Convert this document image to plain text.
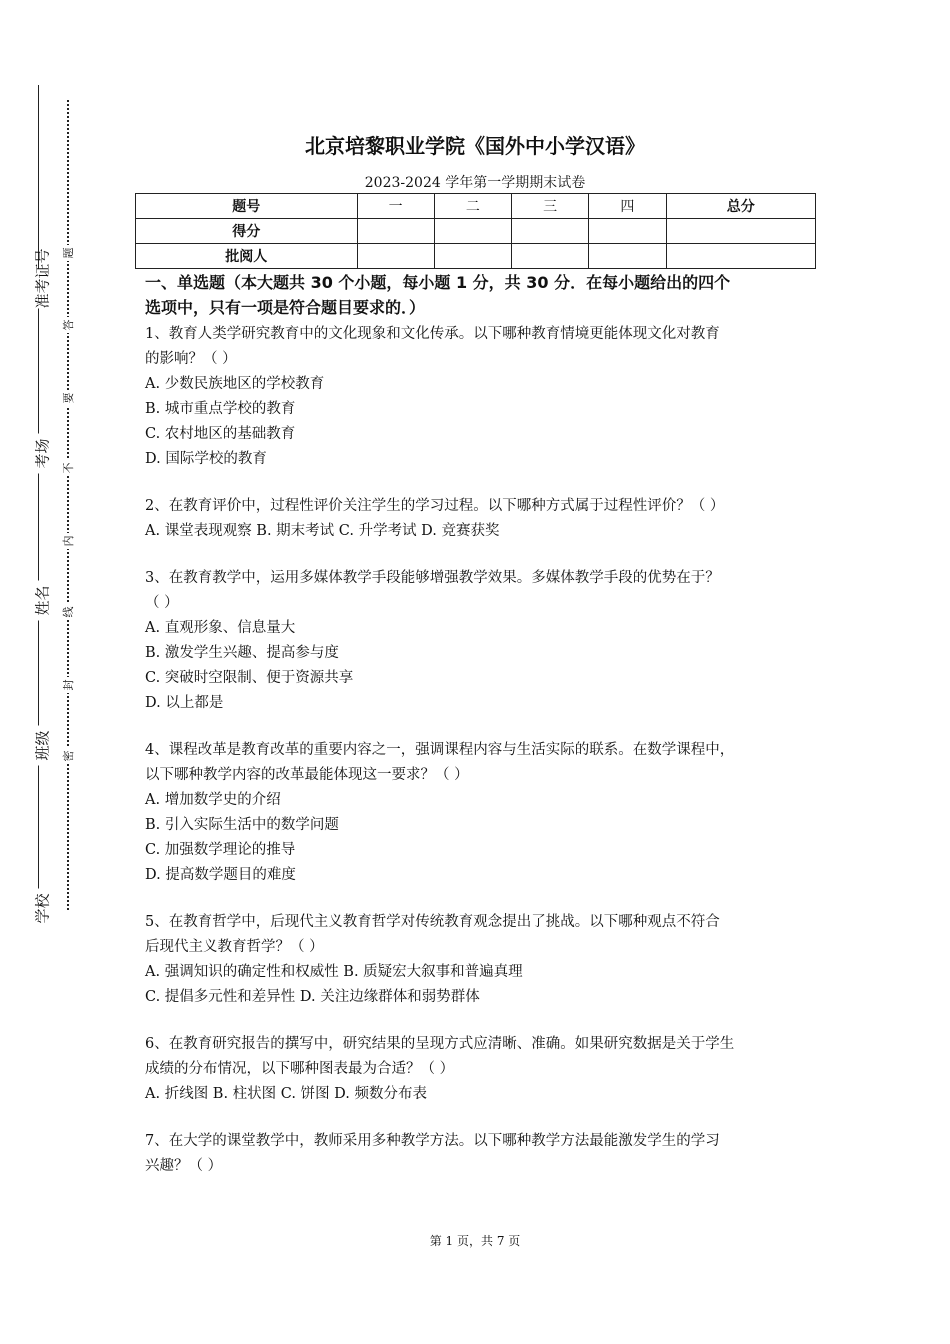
准考证号
考场
姓名
班级
学校
题
答
要
不
内
线
封
密
北京培黎职业学院《国外中小学汉语》
2023-2024 学年第一学期期末试卷
题号	一	二	三	四	总分
得分					
批阅人					
一、单选题（本大题共 30 个小题，每小题 1 分，共 30 分．在每小题给出的四个
选项中，只有一项是符合题目要求的．）

1、教育人类学研究教育中的文化现象和文化传承。以下哪种教育情境更能体现文化对教育

的影响？（ ）

A. 少数民族地区的学校教育

B. 城市重点学校的教育

C. 农村地区的基础教育

D. 国际学校的教育

2、在教育评价中，过程性评价关注学生的学习过程。以下哪种方式属于过程性评价？（ ）

A. 课堂表现观察 B. 期末考试 C. 升学考试 D. 竞赛获奖

3、在教育教学中，运用多媒体教学手段能够增强教学效果。多媒体教学手段的优势在于？

（ ）

A. 直观形象、信息量大

B. 激发学生兴趣、提高参与度

C. 突破时空限制、便于资源共享

D. 以上都是

4、课程改革是教育改革的重要内容之一，强调课程内容与生活实际的联系。在数学课程中，

以下哪种教学内容的改革最能体现这一要求？（ ）

A. 增加数学史的介绍

B. 引入实际生活中的数学问题

C. 加强数学理论的推导

D. 提高数学题目的难度

5、在教育哲学中，后现代主义教育哲学对传统教育观念提出了挑战。以下哪种观点不符合

后现代主义教育哲学？（ ）

A. 强调知识的确定性和权威性 B. 质疑宏大叙事和普遍真理

C. 提倡多元性和差异性 D. 关注边缘群体和弱势群体

6、在教育研究报告的撰写中，研究结果的呈现方式应清晰、准确。如果研究数据是关于学生

成绩的分布情况，以下哪种图表最为合适？（ ）

A. 折线图 B. 柱状图 C. 饼图 D. 频数分布表

7、在大学的课堂教学中，教师采用多种教学方法。以下哪种教学方法最能激发学生的学习

兴趣？（ ）

第 1 页，共 7 页
